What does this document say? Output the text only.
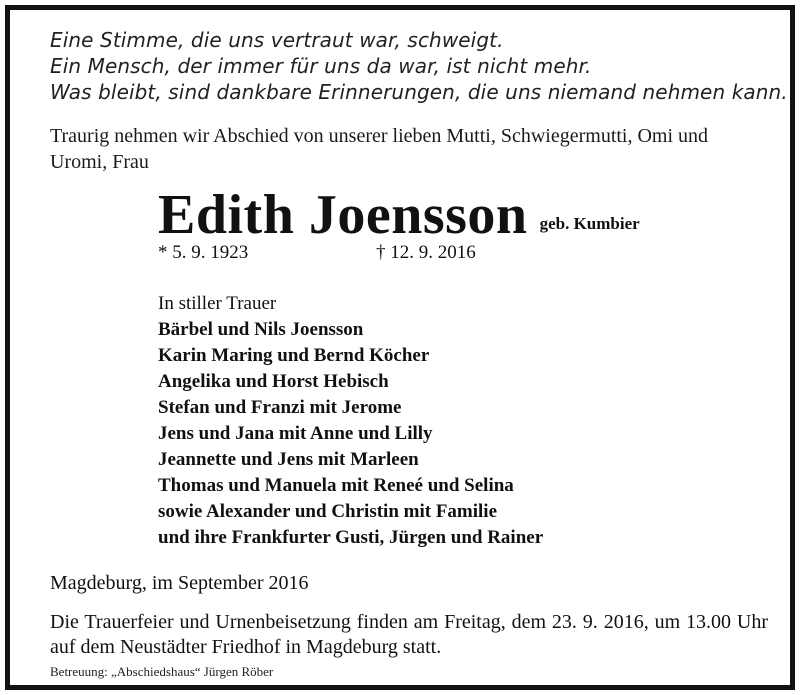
Eine Stimme, die uns vertraut war, schweigt.
Ein Mensch, der immer für uns da war, ist nicht mehr.
Was bleibt, sind dankbare Erinnerungen, die uns niemand nehmen kann.
Traurig nehmen wir Abschied von unserer lieben Mutti, Schwiegermutti, Omi und Uromi, Frau
Edith Joensson geb. Kumbier
* 5. 9. 1923	† 12. 9. 2016
In stiller Trauer
Bärbel und Nils Joensson
Karin Maring und Bernd Köcher
Angelika und Horst Hebisch
Stefan und Franzi mit Jerome
Jens und Jana mit Anne und Lilly
Jeannette und Jens mit Marleen
Thomas und Manuela mit Reneé und Selina
sowie Alexander und Christin mit Familie
und ihre Frankfurter Gusti, Jürgen und Rainer
Magdeburg, im September 2016
Die Trauerfeier und Urnenbeisetzung finden am Freitag, dem 23. 9. 2016, um 13.00 Uhr auf dem Neustädter Friedhof in Magdeburg statt.
Betreuung: „Abschiedshaus“ Jürgen Röber
